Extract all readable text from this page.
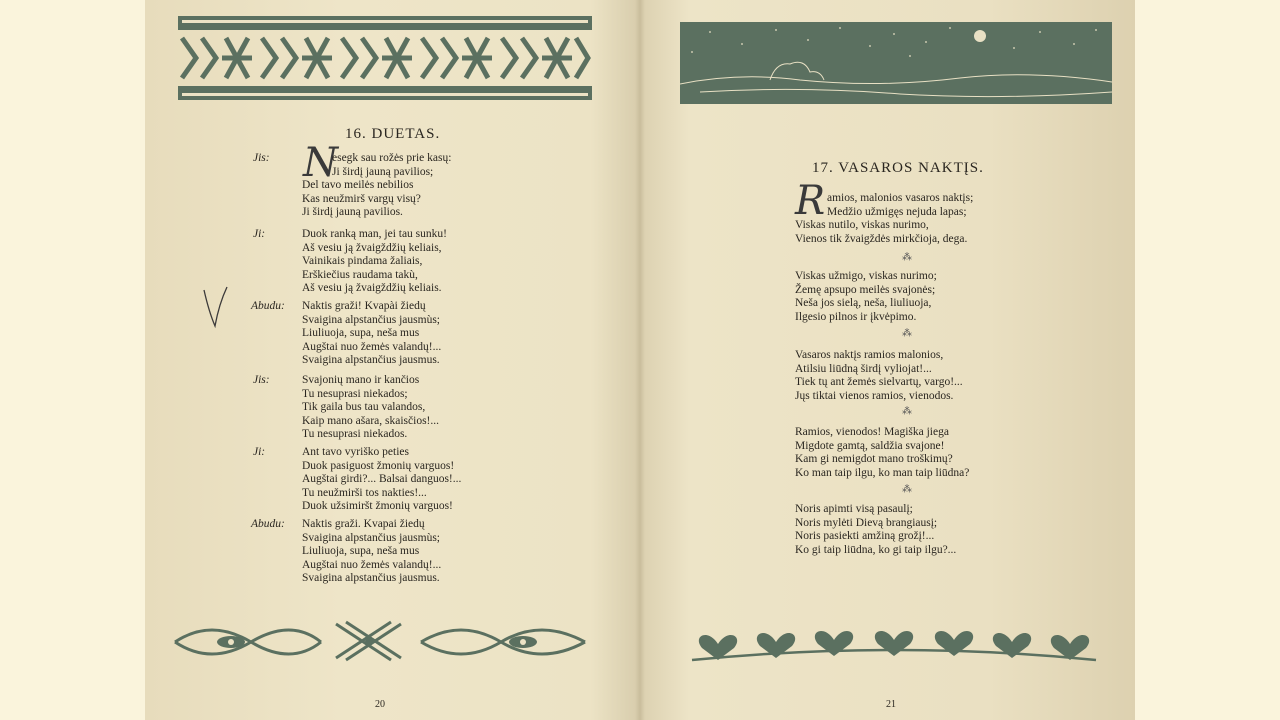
16. DUETAS.
N
Jis:	esegk sau rožės prie kasų:
Ji širdį jauną pavilios;
Del tavo meilės nebilios
Kas neužmirš vargų visų?
Ji širdį jauną pavilios.
Ji:	Duok ranką man, jei tau sunku!
Aš vesiu ją žvaigždžių keliais,
Vainikais pindama žaliais,
Erškiečius raudama takù,
Aš vesiu ją žvaigždžių keliais.
Abudu: Naktis graži! Kvapài žiedų
Svaigina alpstančius jausmùs;
Liuliuoja, supa, neša mus
Augštai nuo žemės valandų!...
Svaigina alpstančius jausmus.
Jis:	Svajonių mano ir kančios
Tu nesuprasi niekados;
Tik gaila bus tau valandos,
Kaip mano ašara, skaisčios!...
Tu nesuprasi niekados.
Ji:	Ant tavo vyriško peties
Duok pasiguost žmonių varguos!
Augštai girdi?... Balsai danguos!...
Tu neužmirši tos nakties!...
Duok užsimiršt žmonių varguos!
Abudu: Naktis graži. Kvapai žiedų
Svaigina alpstančius jausmùs;
Liuliuoja, supa, neša mus
Augštai nuo žemės valandų!...
Svaigina alpstančius jausmus.
20
17. VASAROS NAKTĮS.
R amios, malonios vasaros naktįs;
Medžio užmigęs nejuda lapas;
Viskas nutilo, viskas nurimo,
Vienos tik žvaigždės mirkčioja, dega.
⁂
Viskas užmigo, viskas nurimo;
Žemę apsupo meilės svajonės;
Neša jos sielą, neša, liuliuoja,
Ilgesio pilnos ir įkvėpimo.
⁂
Vasaros naktįs ramios malonios,
Atilsiu liūdną širdį vyliojat!...
Tiek tų ant žemės sielvartų, vargo!...
Jųs tiktai vienos ramios, vienodos.
⁂
Ramios, vienodos! Magiška jiega
Migdote gamtą, saldžia svajone!
Kam gi nemigdot mano troškimų?
Ko man taip ilgu, ko man taip liūdna?
⁂
Noris apimti visą pasaulį;
Noris mylėti Dievą brangiausį;
Noris pasiekti amžiną grožį!...
Ko gi taip liūdna, ko gi taip ilgu?...
21
